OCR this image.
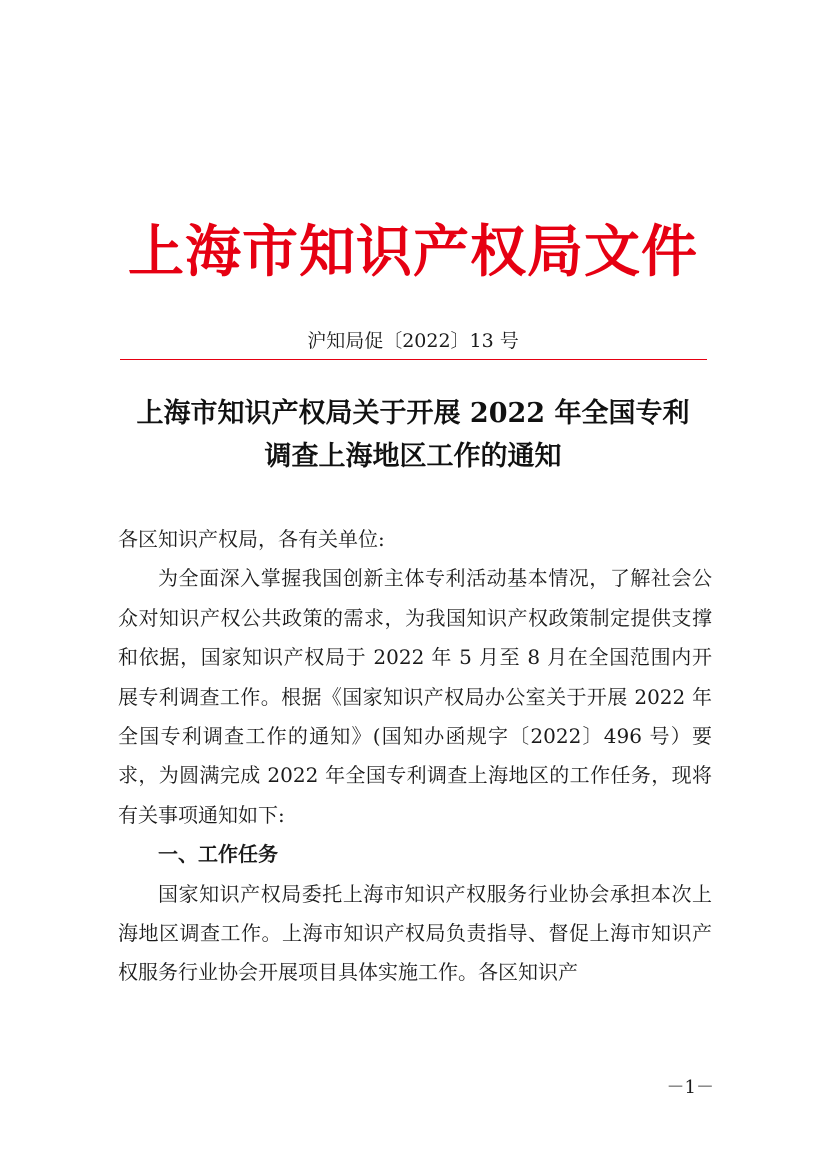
上海市知识产权局文件
沪知局促〔2022〕13 号
上海市知识产权局关于开展 2022 年全国专利
调查上海地区工作的通知

各区知识产权局，各有关单位:

为全面深入掌握我国创新主体专利活动基本情况，了解社会公众对知识产权公共政策的需求，为我国知识产权政策制定提供支撑和依据，国家知识产权局于 2022 年 5 月至 8 月在全国范围内开展专利调查工作。根据《国家知识产权局办公室关于开展 2022 年全国专利调查工作的通知》(国知办函规字〔2022〕496 号）要求，为圆满完成 2022 年全国专利调查上海地区的工作任务，现将有关事项通知如下:

一、工作任务

国家知识产权局委托上海市知识产权服务行业协会承担本次上海地区调查工作。上海市知识产权局负责指导、督促上海市知识产权服务行业协会开展项目具体实施工作。各区知识产

－1－
